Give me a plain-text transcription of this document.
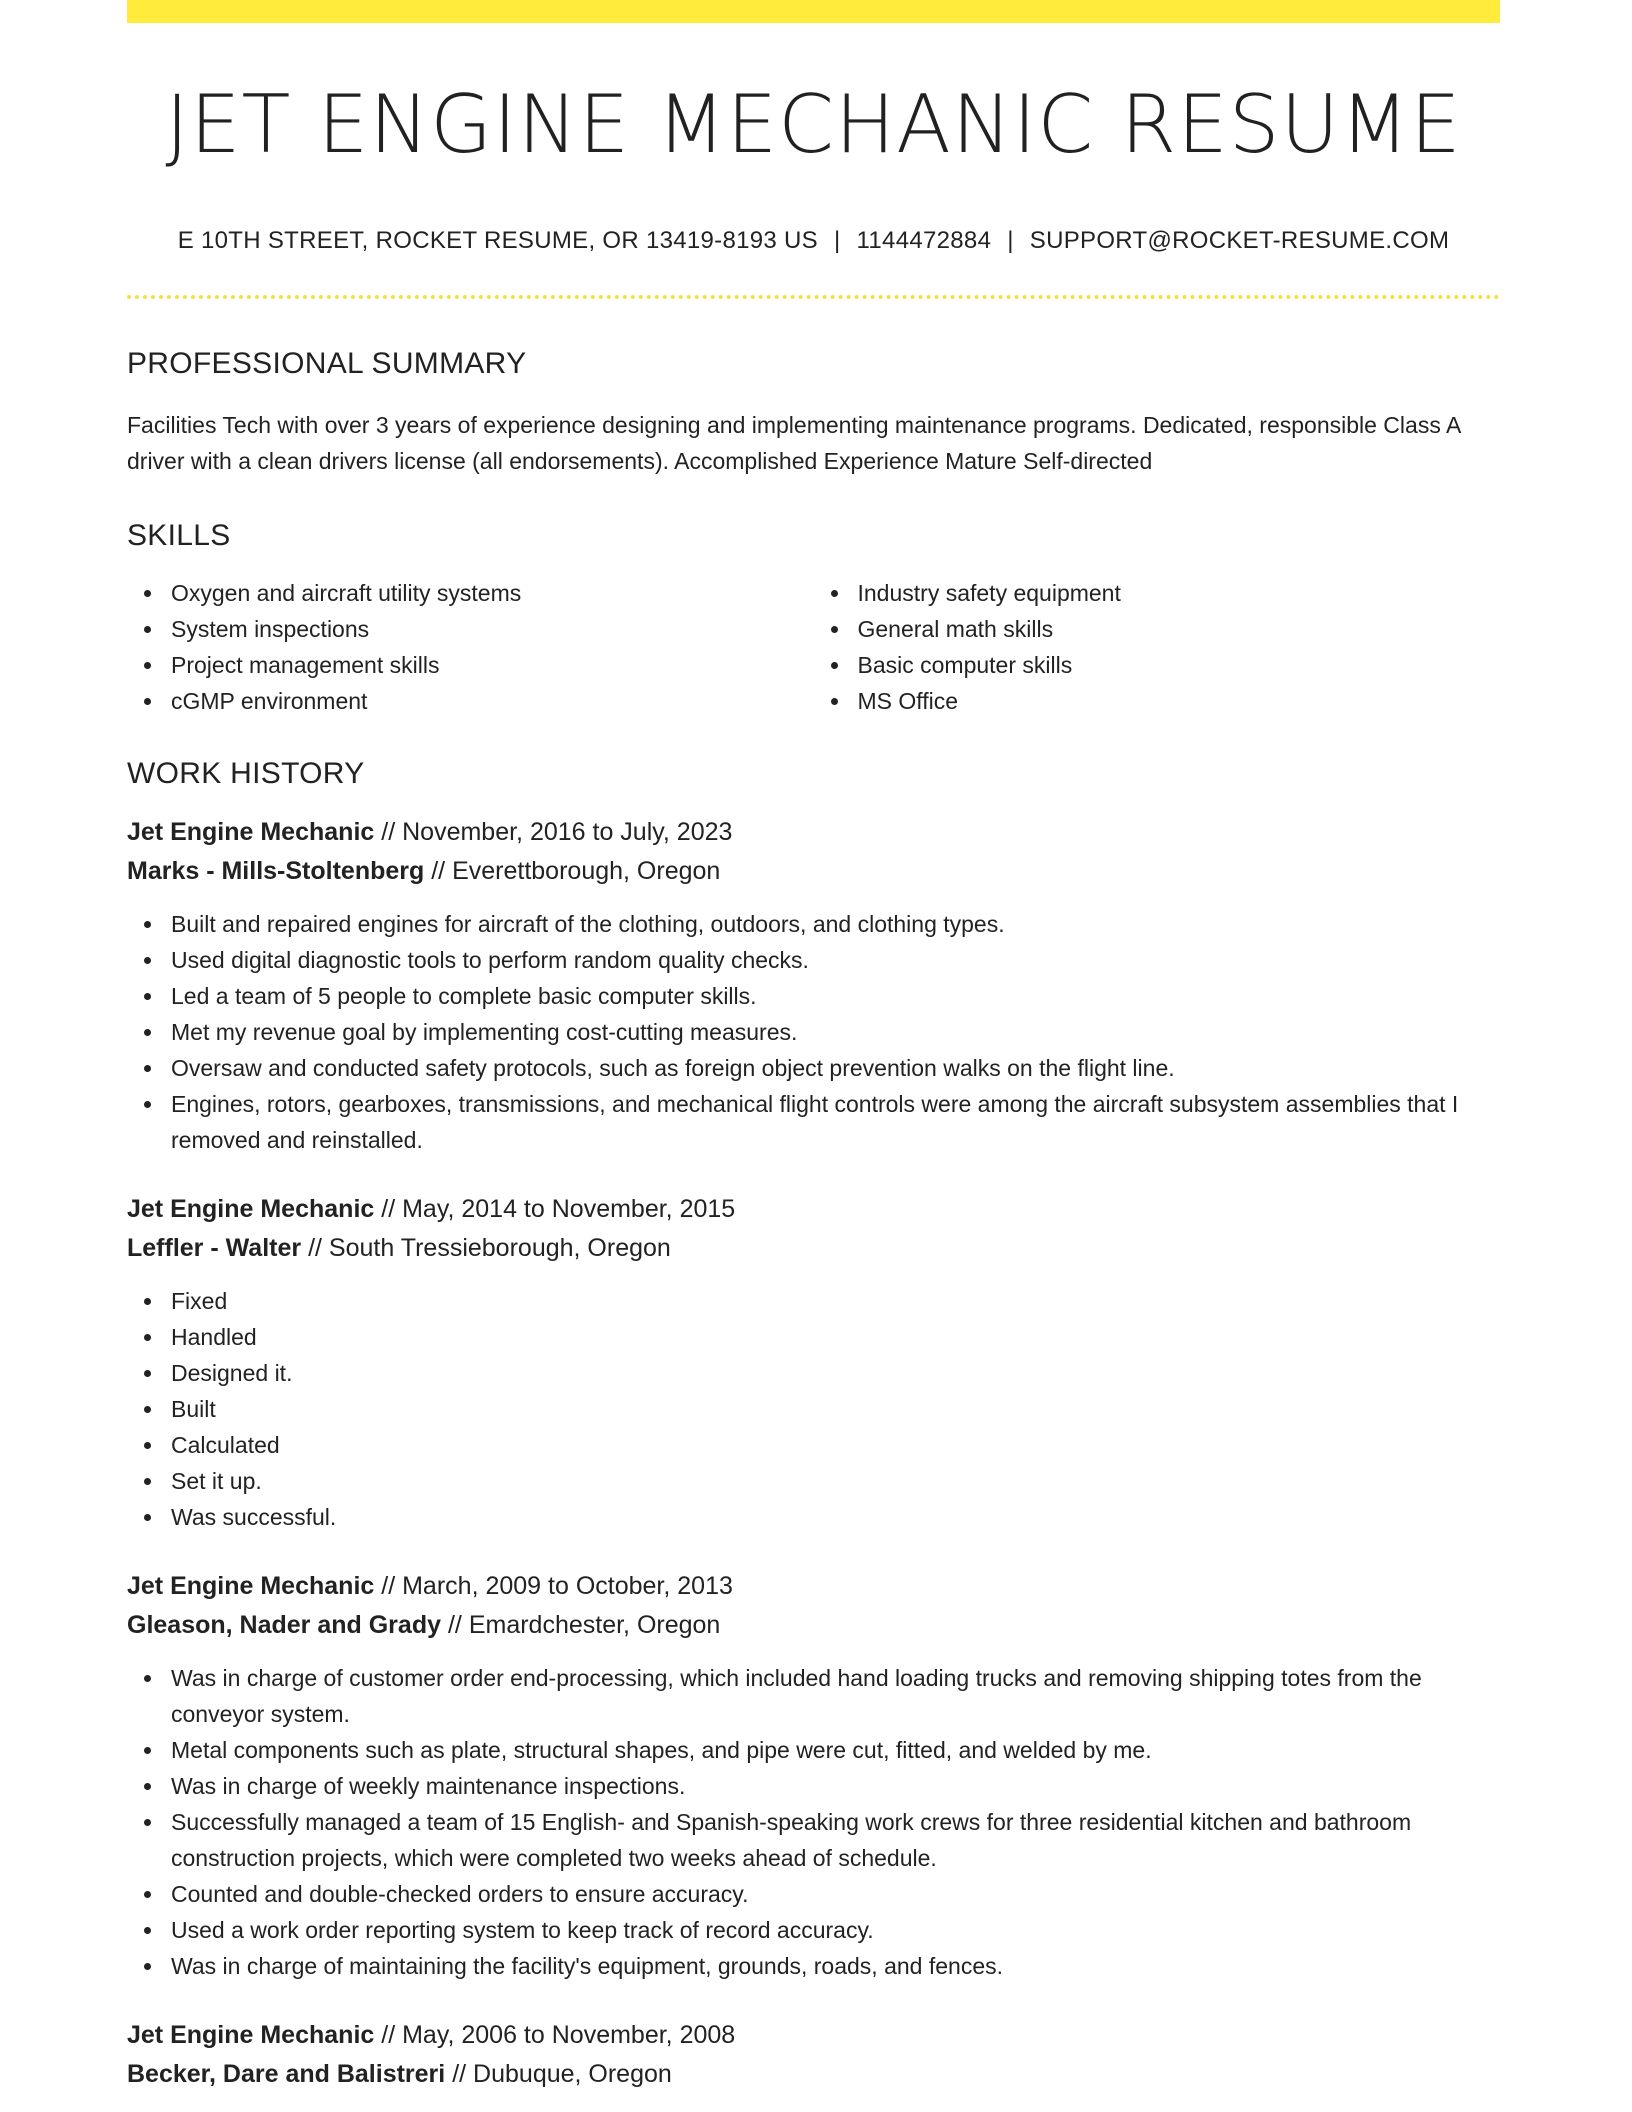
JET ENGINE MECHANIC RESUME
E 10TH STREET, ROCKET RESUME, OR 13419-8193 US | 1144472884 | SUPPORT@ROCKET-RESUME.COM
PROFESSIONAL SUMMARY

Facilities Tech with over 3 years of experience designing and implementing maintenance programs. Dedicated, responsible Class A driver with a clean drivers license (all endorsements). Accomplished Experience Mature Self-directed

SKILLS
Oxygen and aircraft utility systems
System inspections
Project management skills
cGMP environment
Industry safety equipment
General math skills
Basic computer skills
MS Office
WORK HISTORY
Jet Engine Mechanic // November, 2016 to July, 2023
Marks - Mills-Stoltenberg // Everettborough, Oregon
Built and repaired engines for aircraft of the clothing, outdoors, and clothing types.
Used digital diagnostic tools to perform random quality checks.
Led a team of 5 people to complete basic computer skills.
Met my revenue goal by implementing cost-cutting measures.
Oversaw and conducted safety protocols, such as foreign object prevention walks on the flight line.
Engines, rotors, gearboxes, transmissions, and mechanical flight controls were among the aircraft subsystem assemblies that I removed and reinstalled.
Jet Engine Mechanic // May, 2014 to November, 2015
Leffler - Walter // South Tressieborough, Oregon
Fixed
Handled
Designed it.
Built
Calculated
Set it up.
Was successful.
Jet Engine Mechanic // March, 2009 to October, 2013
Gleason, Nader and Grady // Emardchester, Oregon
Was in charge of customer order end-processing, which included hand loading trucks and removing shipping totes from the conveyor system.
Metal components such as plate, structural shapes, and pipe were cut, fitted, and welded by me.
Was in charge of weekly maintenance inspections.
Successfully managed a team of 15 English- and Spanish-speaking work crews for three residential kitchen and bathroom construction projects, which were completed two weeks ahead of schedule.
Counted and double-checked orders to ensure accuracy.
Used a work order reporting system to keep track of record accuracy.
Was in charge of maintaining the facility's equipment, grounds, roads, and fences.
Jet Engine Mechanic // May, 2006 to November, 2008
Becker, Dare and Balistreri // Dubuque, Oregon
